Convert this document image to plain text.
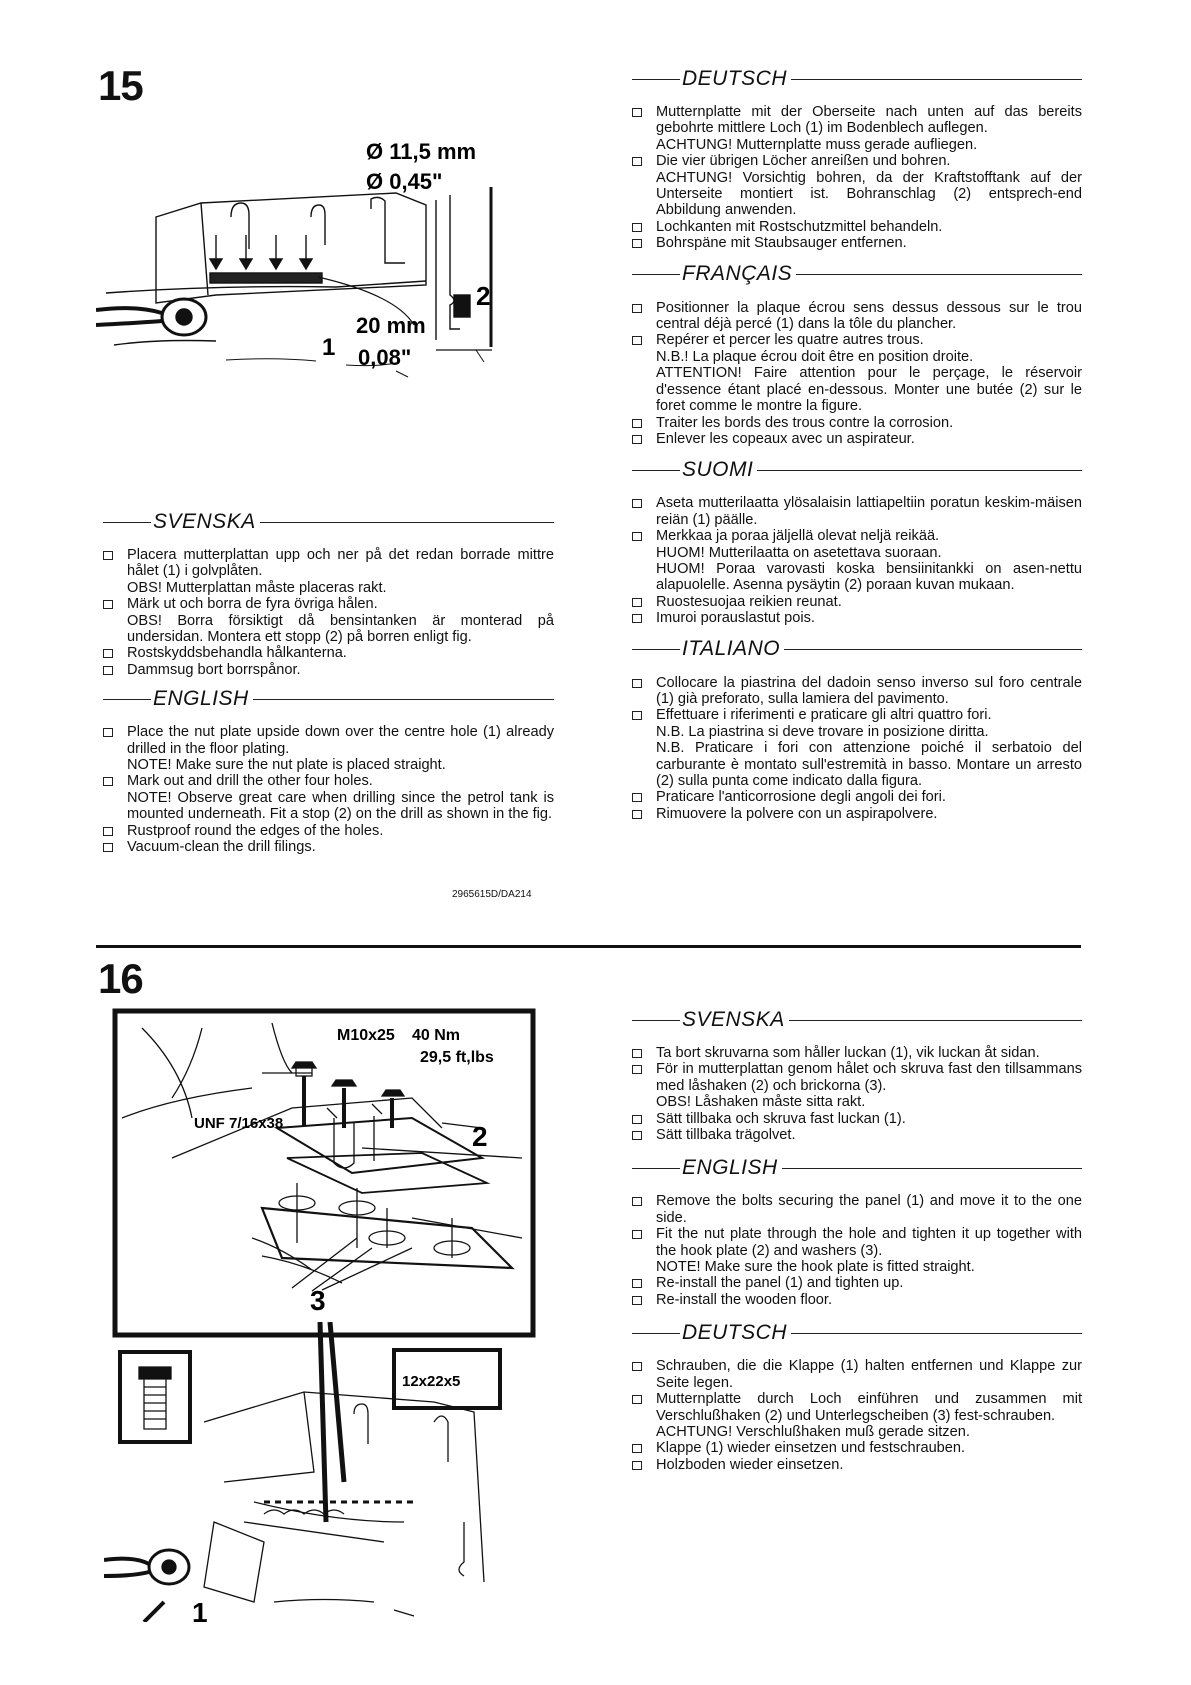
15
Ø 11,5 mm
Ø 0,45"
20 mm
0,08"
1
2
SVENSKA
Placera mutterplattan upp och ner på det redan borrade mittre hålet (1) i golvplåten.
OBS! Mutterplattan måste placeras rakt.
Märk ut och borra de fyra övriga hålen.
OBS! Borra försiktigt då bensintanken är monterad på undersidan. Montera ett stopp (2) på borren enligt fig.
Rostskyddsbehandla hålkanterna.
Dammsug bort borrspånor.
ENGLISH
Place the nut plate upside down over the centre hole (1) already drilled in the floor plating.
NOTE! Make sure the nut plate is placed straight.
Mark out and drill the other four holes.
NOTE! Observe great care when drilling since the petrol tank is mounted underneath. Fit a stop (2) on the drill as shown in the fig.
Rustproof round the edges of the holes.
Vacuum-clean the drill filings.
2965615D/DA214
DEUTSCH
Mutternplatte mit der Oberseite nach unten auf das bereits gebohrte mittlere Loch (1) im Bodenblech auflegen.
ACHTUNG! Mutternplatte muss gerade aufliegen.
Die vier übrigen Löcher anreißen und bohren.
ACHTUNG! Vorsichtig bohren, da der Kraftstofftank auf der Unterseite montiert ist. Bohranschlag (2) entsprech-end Abbildung anwenden.
Lochkanten mit Rostschutzmittel behandeln.
Bohrspäne mit Staubsauger entfernen.
FRANÇAIS
Positionner la plaque écrou sens dessus dessous sur le trou central déjà percé (1) dans la tôle du plancher.
Repérer et percer les quatre autres trous.
N.B.! La plaque écrou doit être en position droite.
ATTENTION! Faire attention pour le perçage, le réservoir d'essence étant placé en-dessous. Monter une butée (2) sur le foret comme le montre la figure.
Traiter les bords des trous contre la corrosion.
Enlever les copeaux avec un aspirateur.
SUOMI
Aseta mutterilaatta ylösalaisin lattiapeltiin poratun keskim-mäisen reiän (1) päälle.
Merkkaa ja poraa jäljellä olevat neljä reikää.
HUOM! Mutterilaatta on asetettava suoraan.
HUOM! Poraa varovasti koska bensiinitankki on asen-nettu alapuolelle. Asenna pysäytin (2) poraan kuvan mukaan.
Ruostesuojaa reikien reunat.
Imuroi porauslastut pois.
ITALIANO
Collocare la piastrina del dadoin senso inverso sul foro centrale (1) già preforato, sulla lamiera del pavimento.
Effettuare i riferimenti e praticare gli altri quattro fori.
N.B. La piastrina si deve trovare in posizione diritta.
N.B. Praticare i fori con attenzione poiché il serbatoio del carburante è montato sull'estremità in basso. Montare un arresto (2) sulla punta come indicato dalla figura.
Praticare l'anticorrosione degli angoli dei fori.
Rimuovere la polvere con un aspirapolvere.
16
M10x25 40 Nm
29,5 ft,lbs
UNF 7/16x38	2
3
12x22x5
1
SVENSKA
Ta bort skruvarna som håller luckan (1), vik luckan åt sidan.
För in mutterplattan genom hålet och skruva fast den tillsammans med låshaken (2) och brickorna (3).
OBS! Låshaken måste sitta rakt.
Sätt tillbaka och skruva fast luckan (1).
Sätt tillbaka trägolvet.
ENGLISH
Remove the bolts securing the panel (1) and move it to the one side.
Fit the nut plate through the hole and tighten it up together with the hook plate (2) and washers (3).
NOTE! Make sure the hook plate is fitted straight.
Re-install the panel (1) and tighten up.
Re-install the wooden floor.
DEUTSCH
Schrauben, die die Klappe (1) halten entfernen und Klappe zur Seite legen.
Mutternplatte durch Loch einführen und zusammen mit Verschlußhaken (2) und Unterlegscheiben (3) fest-schrauben.
ACHTUNG! Verschlußhaken muß gerade sitzen.
Klappe (1) wieder einsetzen und festschrauben.
Holzboden wieder einsetzen.
